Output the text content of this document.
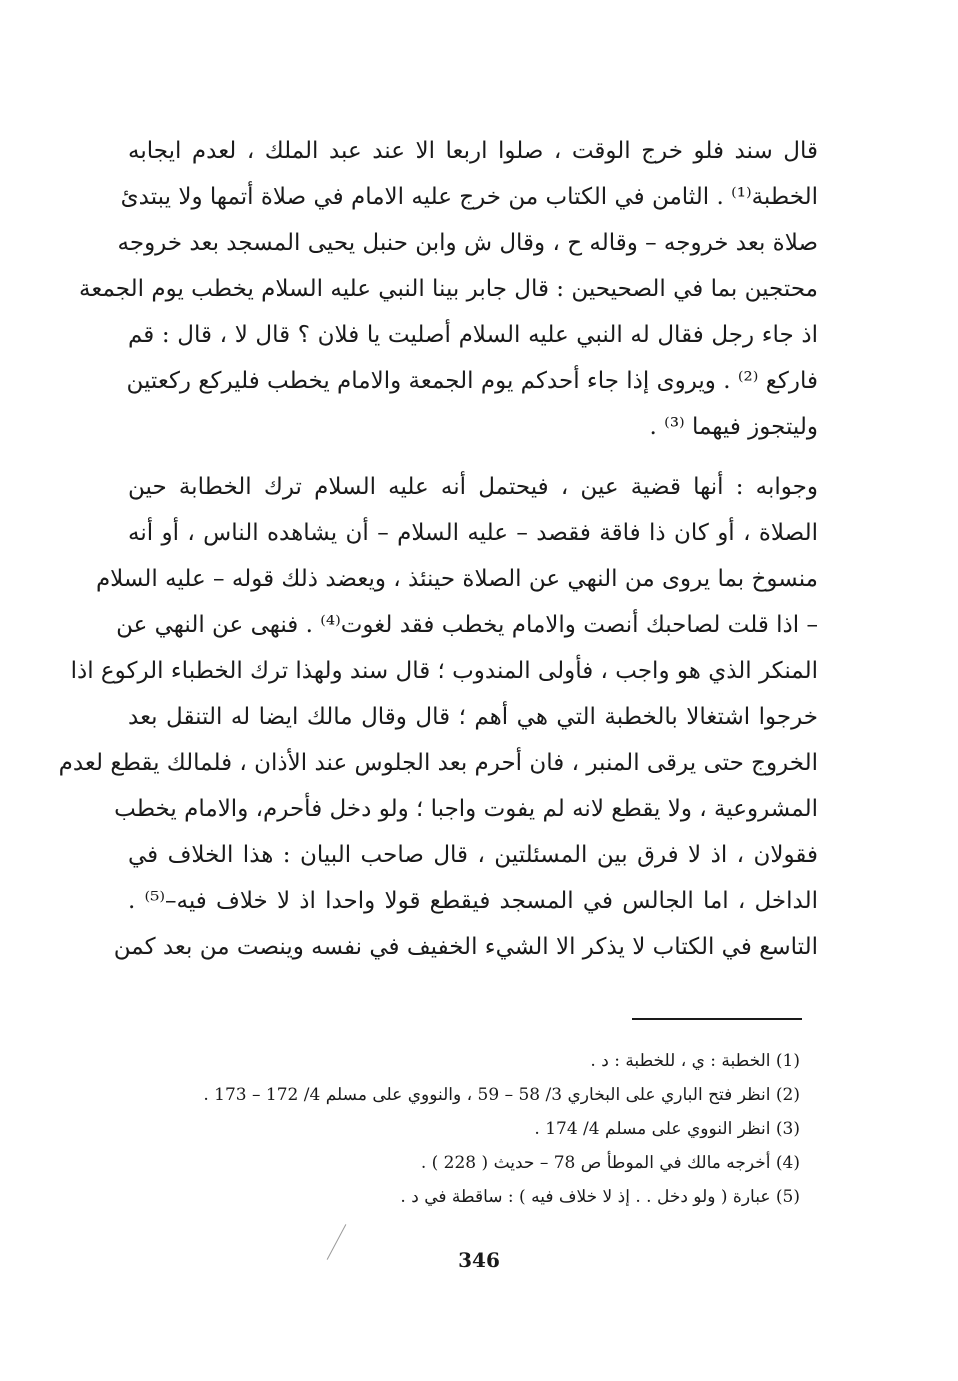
قال سند فلو خرج الوقت ، صلوا اربعا الا عند عبد الملك ، لعدم ايجابه
الخطبة⁽¹⁾ . الثامن في الكتاب من خرج عليه الامام في صلاة أتمها ولا يبتدئ
صلاة بعد خروجه – وقاله ح ، وقال ش وابن حنبل يحيى المسجد بعد خروجه
محتجين بما في الصحيحين : قال جابر بينا النبي عليه السلام يخطب يوم الجمعة
اذ جاء رجل فقال له النبي عليه السلام أصليت يا فلان ؟ قال لا ، قال : قم
فاركع ⁽²⁾ . ويروى إذا جاء أحدكم يوم الجمعة والامام يخطب فليركع ركعتين
وليتجوز فيهما ⁽³⁾ .
وجوابه : أنها قضية عين ، فيحتمل أنه عليه السلام ترك الخطابة حين
الصلاة ، أو كان ذا فاقة فقصد – عليه السلام – أن يشاهده الناس ، أو أنه
منسوخ بما يروى من النهي عن الصلاة حينئذ ، ويعضد ذلك قوله – عليه السلام
– اذا قلت لصاحبك أنصت والامام يخطب فقد لغوت⁽⁴⁾ . فنهى عن النهي عن
المنكر الذي هو واجب ، فأولى المندوب ؛ قال سند ولهذا ترك الخطباء الركوع اذا
خرجوا اشتغالا بالخطبة التي هي أهم ؛ قال وقال مالك ايضا له التنقل بعد
الخروج حتى يرقى المنبر ، فان أحرم بعد الجلوس عند الأذان ، فلمالك يقطع لعدم
المشروعية ، ولا يقطع لانه لم يفوت واجبا ؛ ولو دخل فأحرم، والامام يخطب
فقولان ، اذ لا فرق بين المسئلتين ، قال صاحب البيان : هذا الخلاف في
الداخل ، اما الجالس في المسجد فيقطع قولا واحدا اذ لا خلاف فيه–⁽⁵⁾ .
التاسع في الكتاب لا يذكر الا الشيء الخفيف في نفسه وينصت من بعد كمن
(1) الخطبة : ي ، للخطبة : د .
(2) انظر فتح الباري على البخاري 3/ 58 – 59 ، والنووي على مسلم 4/ 172 – 173 .
(3) انظر النووي على مسلم 4/ 174 .
(4) أخرجه مالك في الموطأ ص 78 – حديث ( 228 ) .
(5) عبارة ( ولو دخل . . إذ لا خلاف فيه ) : ساقطة في د .
346
